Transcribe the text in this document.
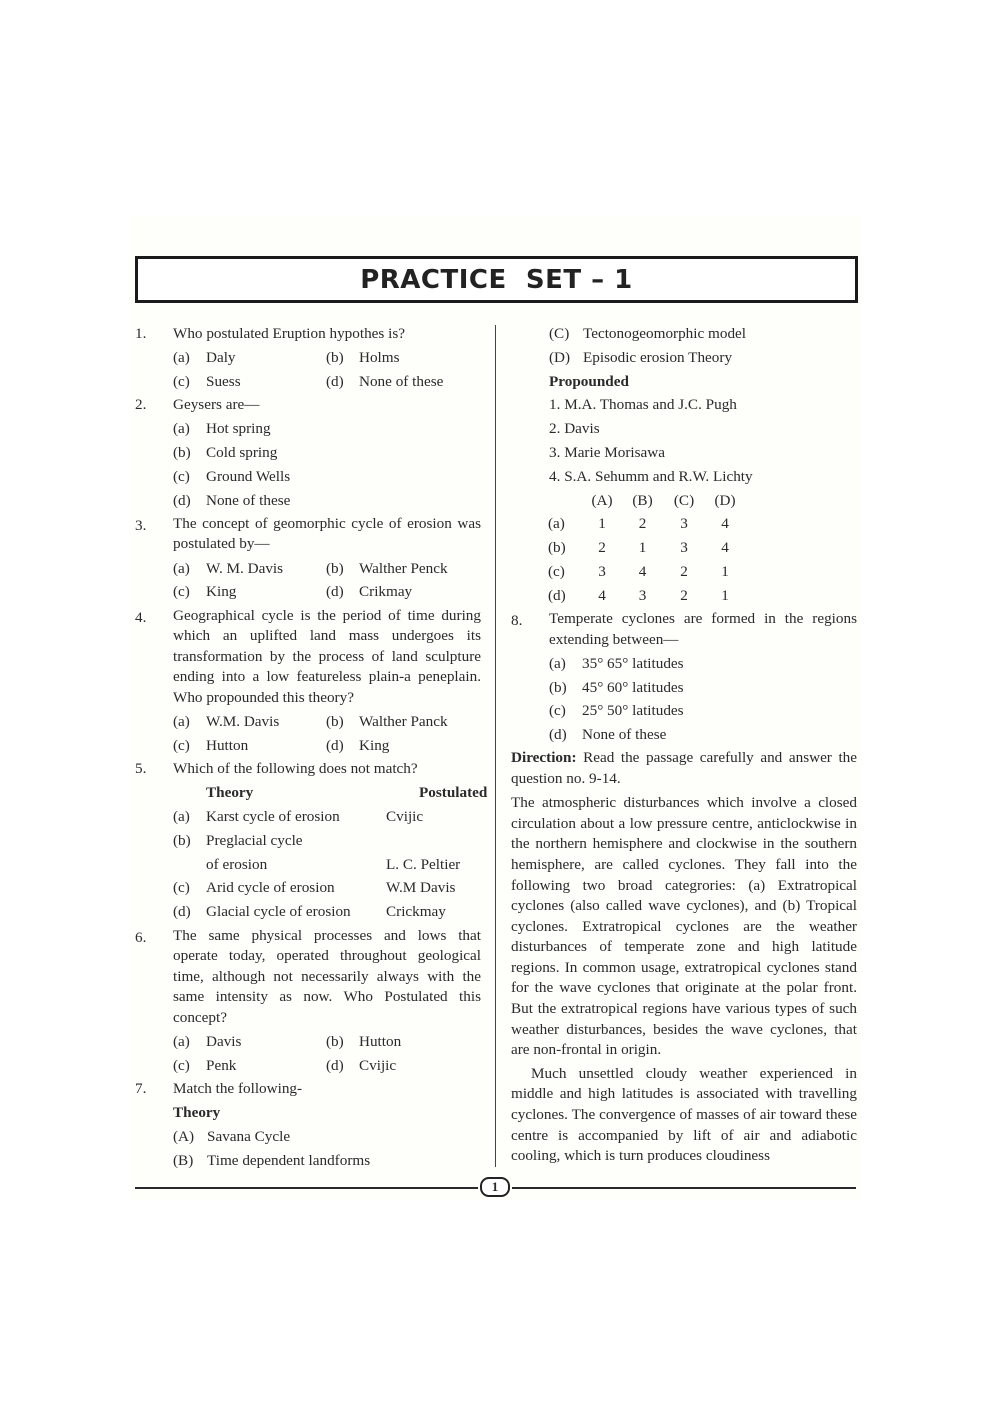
PRACTICE  SET – 1
1.	Who postulated Eruption hypothes is?
(a)	Daly	(b)	Holms
(c)	Suess	(d)	None of these
2.	Geysers are—
(a)	Hot spring
(b)	Cold spring
(c)	Ground Wells
(d)	None of these
3.	The concept of geomorphic cycle of erosion was postulated by—
(a)	W. M. Davis	(b)	Walther Penck
(c)	King	(d)	Crikmay
4.	Geographical cycle is the period of time during which an uplifted land mass undergoes its transformation by the process of land sculpture ending into a low featureless plain-a peneplain. Who propounded this theory?
(a)	W.M. Davis	(b)	Walther Panck
(c)	Hutton	(d)	King
5.	Which of the following does not match?
Theory	Postulated
(a)	Karst cycle of erosion	Cvijic
(b)	Preglacial cycle
of erosion	L. C. Peltier
(c)	Arid cycle of erosion	W.M Davis
(d)	Glacial cycle of erosion	Crickmay
6.	The same physical processes and lows that operate today, operated throughout geological time, although not necessarily always with the same intensity as now. Who Postulated this concept?
(a)	Davis	(b)	Hutton
(c)	Penk	(d)	Cvijic
7.	Match the following-
Theory
(A) Savana Cycle
(B) Time dependent landforms
(C) Tectonogeomorphic model
(D) Episodic erosion Theory
Propounded
1. M.A. Thomas and J.C. Pugh
2. Davis
3. Marie Morisawa
4. S.A. Sehumm and R.W. Lichty
(A)	(B)	(C)	(D)
(a)	1	2	3	4
(b)	2	1	3	4
(c)	3	4	2	1
(d)	4	3	2	1
8.	Temperate cyclones are formed in the regions extending between—
(a)	35° 65° latitudes
(b)	45° 60° latitudes
(c)	25° 50° latitudes
(d)	None of these
Direction: Read the passage carefully and answer the question no. 9-14.
The atmospheric disturbances which involve a closed circulation about a low pressure centre, anticlockwise in the northern hemisphere and clockwise in the southern hemisphere, are called cyclones. They fall into the following two broad categrories: (a) Extratropical cyclones (also called wave cyclones), and (b) Tropical cyclones. Extratropical cyclones are the weather disturbances of temperate zone and high latitude regions. In common usage, extratropical cyclones stand for the wave cyclones that originate at the polar front. But the extratropical regions have various types of such weather disturbances, besides the wave cyclones, that are non-frontal in origin.
Much unsettled cloudy weather experienced in middle and high latitudes is associated with travelling cyclones. The convergence of masses of air toward these centre is accompanied by lift of air and adiabotic cooling, which is turn produces cloudiness
1
